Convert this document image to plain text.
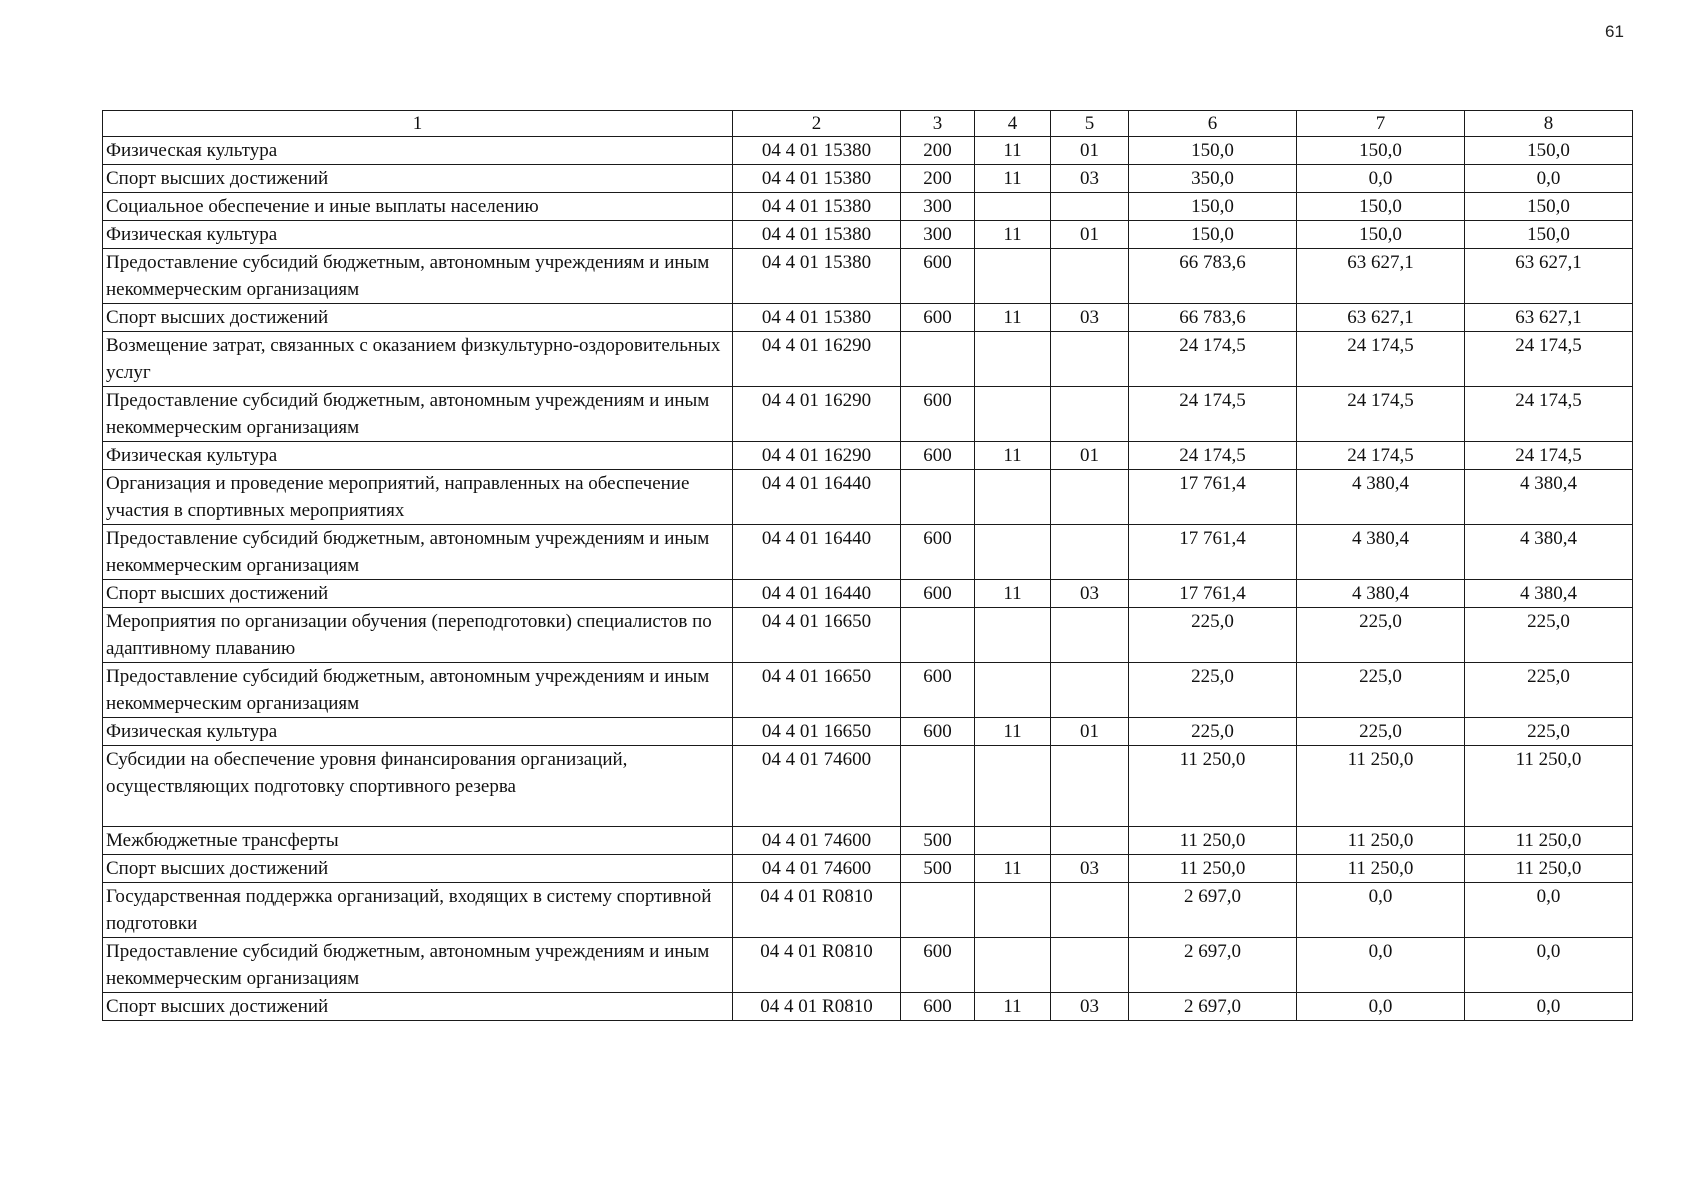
61
1	2	3	4	5	6	7	8
Физическая культура	04 4 01 15380	200	11	01	150,0	150,0	150,0
Спорт высших достижений	04 4 01 15380	200	11	03	350,0	0,0	0,0
Социальное обеспечение и иные выплаты населению	04 4 01 15380	300			150,0	150,0	150,0
Физическая культура	04 4 01 15380	300	11	01	150,0	150,0	150,0
Предоставление субсидий бюджетным, автономным учреждениям и иным некоммерческим организациям	04 4 01 15380	600			66 783,6	63 627,1	63 627,1
Спорт высших достижений	04 4 01 15380	600	11	03	66 783,6	63 627,1	63 627,1
Возмещение затрат, связанных с оказанием физкультурно-оздоровительных услуг	04 4 01 16290				24 174,5	24 174,5	24 174,5
Предоставление субсидий бюджетным, автономным учреждениям и иным некоммерческим организациям	04 4 01 16290	600			24 174,5	24 174,5	24 174,5
Физическая культура	04 4 01 16290	600	11	01	24 174,5	24 174,5	24 174,5
Организация и проведение мероприятий, направленных на обеспечение участия в спортивных мероприятиях	04 4 01 16440				17 761,4	4 380,4	4 380,4
Предоставление субсидий бюджетным, автономным учреждениям и иным некоммерческим организациям	04 4 01 16440	600			17 761,4	4 380,4	4 380,4
Спорт высших достижений	04 4 01 16440	600	11	03	17 761,4	4 380,4	4 380,4
Мероприятия по организации обучения (переподготовки) специалистов по адаптивному плаванию	04 4 01 16650				225,0	225,0	225,0
Предоставление субсидий бюджетным, автономным учреждениям и иным некоммерческим организациям	04 4 01 16650	600			225,0	225,0	225,0
Физическая культура	04 4 01 16650	600	11	01	225,0	225,0	225,0
Субсидии на обеспечение уровня финансирования организаций, осуществляющих подготовку спортивного резерва	04 4 01 74600				11 250,0	11 250,0	11 250,0
Межбюджетные трансферты	04 4 01 74600	500			11 250,0	11 250,0	11 250,0
Спорт высших достижений	04 4 01 74600	500	11	03	11 250,0	11 250,0	11 250,0
Государственная поддержка организаций, входящих в систему спортивной подготовки	04 4 01 R0810				2 697,0	0,0	0,0
Предоставление субсидий бюджетным, автономным учреждениям и иным некоммерческим организациям	04 4 01 R0810	600			2 697,0	0,0	0,0
Спорт высших достижений	04 4 01 R0810	600	11	03	2 697,0	0,0	0,0
